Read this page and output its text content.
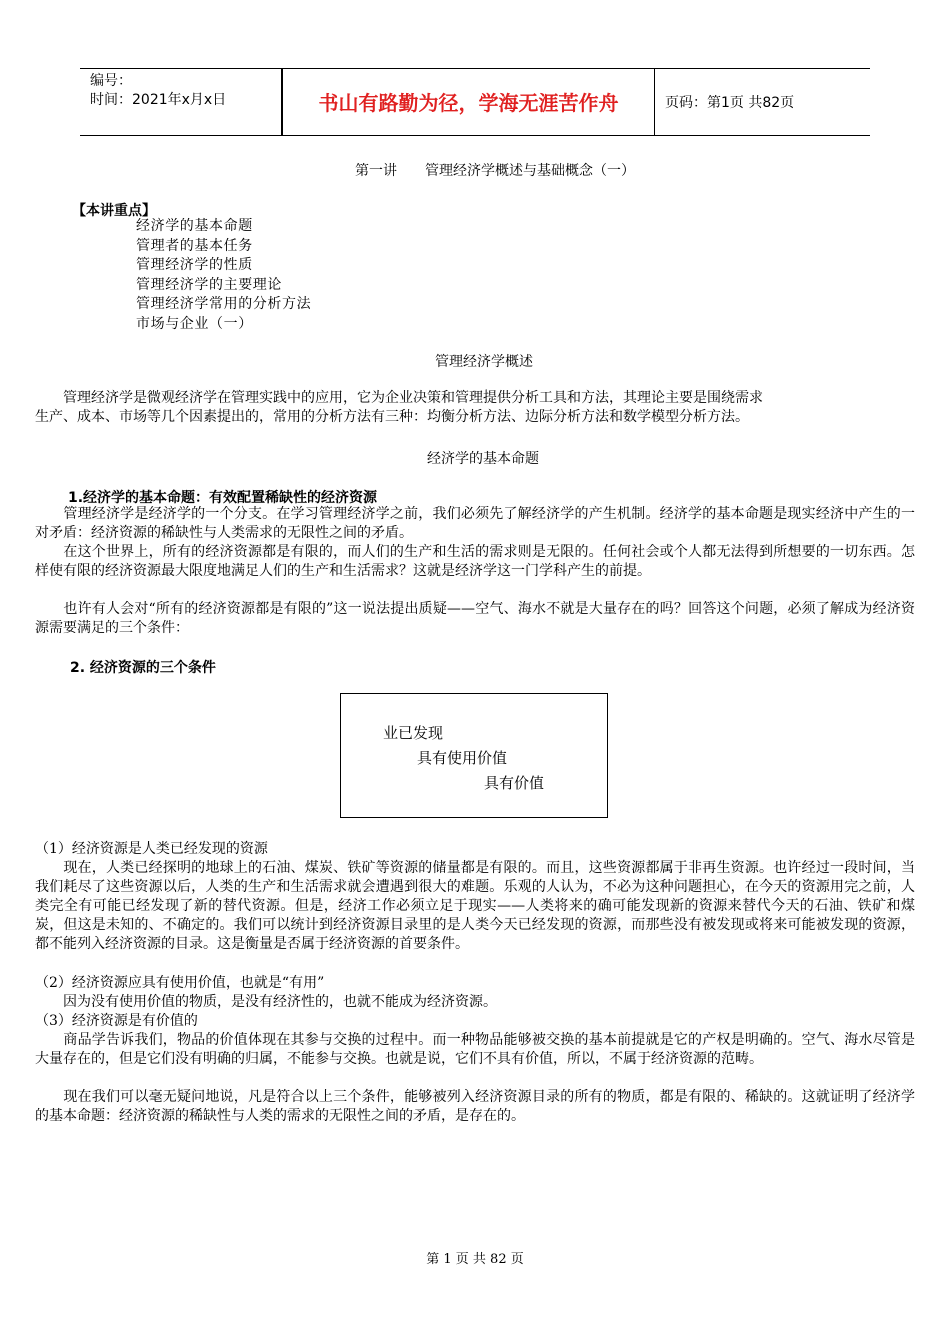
编号：
时间：2021年x月x日	书山有路勤为径，学海无涯苦作舟	页码：第1页 共82页
第一讲　　管理经济学概述与基础概念（一）
【本讲重点】
经济学的基本命题
管理者的基本任务
管理经济学的性质
管理经济学的主要理论
管理经济学常用的分析方法
市场与企业（一）
管理经济学概述
　　管理经济学是微观经济学在管理实践中的应用，它为企业决策和管理提供分析工具和方法，其理论主要是围绕需求
生产、成本、市场等几个因素提出的，常用的分析方法有三种：均衡分析方法、边际分析方法和数学模型分析方法。
经济学的基本命题
1.经济学的基本命题：有效配置稀缺性的经济资源
　　管理经济学是经济学的一个分支。在学习管理经济学之前，我们必须先了解经济学的产生机制。经济学的基本命题是现实经济中产生的一对矛盾：经济资源的稀缺性与人类需求的无限性之间的矛盾。
　　在这个世界上，所有的经济资源都是有限的，而人们的生产和生活的需求则是无限的。任何社会或个人都无法得到所想要的一切东西。怎样使有限的经济资源最大限度地满足人们的生产和生活需求？这就是经济学这一门学科产生的前提。
　　也许有人会对“所有的经济资源都是有限的”这一说法提出质疑——空气、海水不就是大量存在的吗？回答这个问题，必须了解成为经济资源需要满足的三个条件：
2. 经济资源的三个条件
业已发现
具有使用价值
具有价值
（1）经济资源是人类已经发现的资源
　　现在，人类已经探明的地球上的石油、煤炭、铁矿等资源的储量都是有限的。而且，这些资源都属于非再生资源。也许经过一段时间，当我们耗尽了这些资源以后，人类的生产和生活需求就会遭遇到很大的难题。乐观的人认为，不必为这种问题担心，在今天的资源用完之前，人类完全有可能已经发现了新的替代资源。但是，经济工作必须立足于现实——人类将来的确可能发现新的资源来替代今天的石油、铁矿和煤炭，但这是未知的、不确定的。我们可以统计到经济资源目录里的是人类今天已经发现的资源，而那些没有被发现或将来可能被发现的资源，都不能列入经济资源的目录。这是衡量是否属于经济资源的首要条件。
（2）经济资源应具有使用价值，也就是“有用”
　　因为没有使用价值的物质，是没有经济性的，也就不能成为经济资源。
（3）经济资源是有价值的
　　商品学告诉我们，物品的价值体现在其参与交换的过程中。而一种物品能够被交换的基本前提就是它的产权是明确的。空气、海水尽管是大量存在的，但是它们没有明确的归属，不能参与交换。也就是说，它们不具有价值，所以，不属于经济资源的范畴。
　　现在我们可以毫无疑问地说，凡是符合以上三个条件，能够被列入经济资源目录的所有的物质，都是有限的、稀缺的。这就证明了经济学的基本命题：经济资源的稀缺性与人类的需求的无限性之间的矛盾，是存在的。
第 1 页 共 82 页
